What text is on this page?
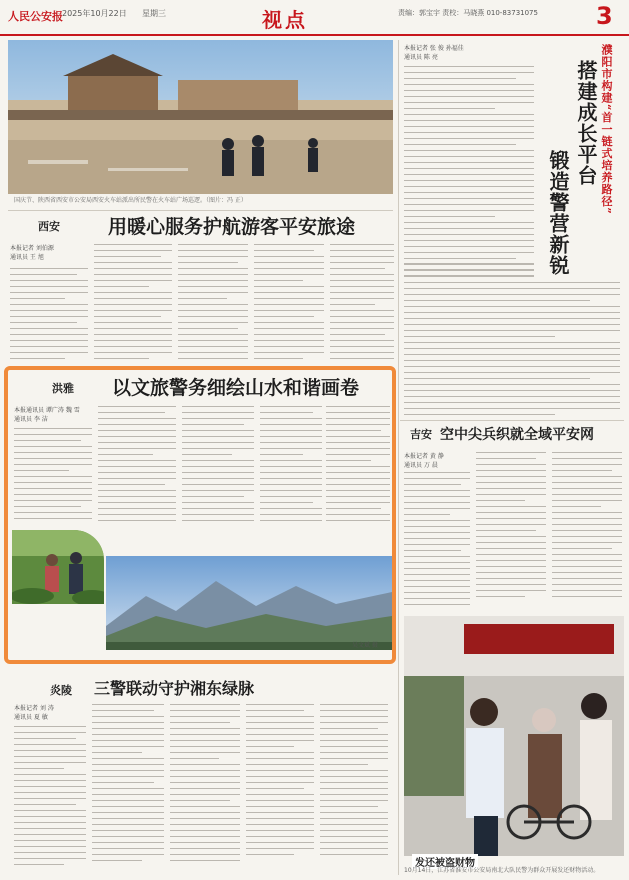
人民公安报 2025年10月22日 星期三	视点	责编：郭宝宇 责校：马晓燕 010-83731075 3
国庆节、陕西省西安市公安局西安火车站派出所民警在火车站广场巡逻。（图片：冯 正）
西安	用暖心服务护航游客平安旅途
本报记者 刘伯源
通讯员 王 旭
洪雅 以文旅警务细绘山水和谐画卷
本报通讯员 谭广涛 魏 雪
通讯员 李 洁
吴文斌 摄
炎陵 三警联动守护湘东绿脉
本报记者 刘 涛
通讯员 夏 敏
本报记者 张 俊 孙福佳
通讯员 陈 亮	濮阳市构建“首一链式培养路径”
搭建成长平台
锻造警营新锐
吉安 空中尖兵织就全域平安网
本报记者 黄 静
通讯员 万 晨
发还被盗财物
10月14日，江苏省淮安市公安局南北大队民警为群众开展发还财物活动。
